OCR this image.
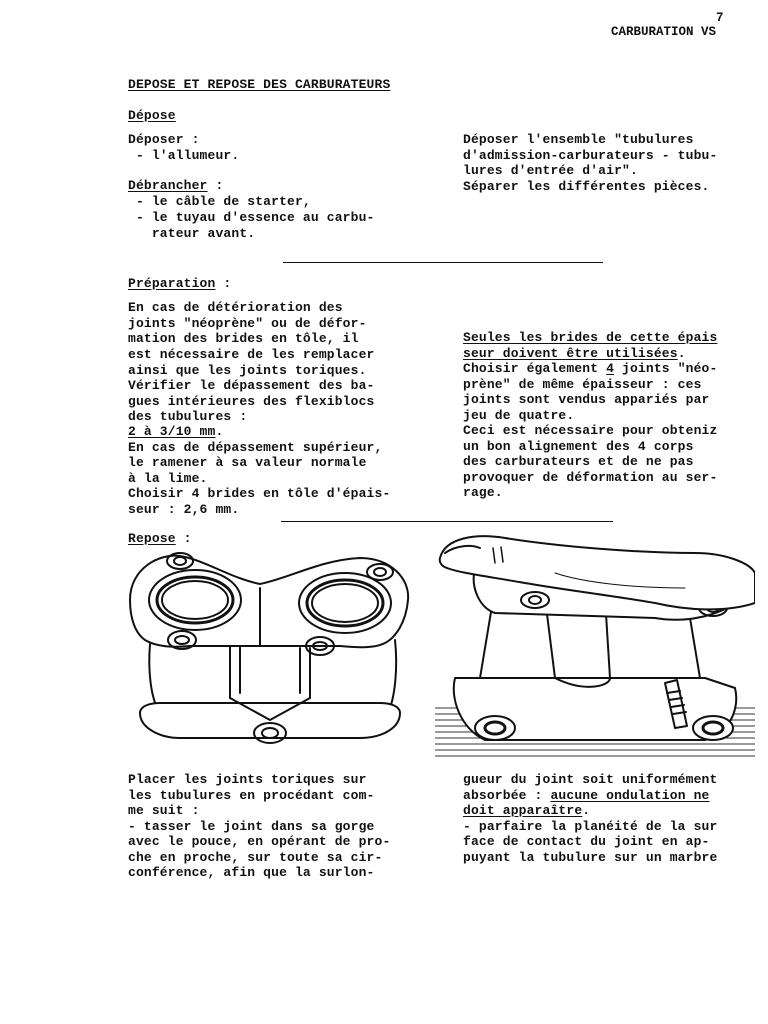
7
CARBURATION VS
DEPOSE ET REPOSE DES CARBURATEURS
Dépose
Déposer :
- l'allumeur.
Débrancher :
- le câble de starter,
- le tuyau d'essence au carbu-
rateur avant.
Déposer l'ensemble "tubulures
d'admission-carburateurs - tubu-
lures d'entrée d'air".
Séparer les différentes pièces.
Préparation :
En cas de détérioration des
joints "néoprène" ou de défor-
mation des brides en tôle, il
est nécessaire de les remplacer
ainsi que les joints toriques.
Vérifier le dépassement des ba-
gues intérieures des flexiblocs
des tubulures :
2 à 3/10 mm.
En cas de dépassement supérieur,
le ramener à sa valeur normale
à la lime.
Choisir 4 brides en tôle d'épais-
seur : 2,6 mm.
Seules les brides de cette épais
seur doivent être utilisées.
Choisir également 4 joints "néo-
prène" de même épaisseur : ces
joints sont vendus appariés par
jeu de quatre.
Ceci est nécessaire pour obteniz
un bon alignement des 4 corps
des carburateurs et de ne pas
provoquer de déformation au ser-
rage.
Repose :
Placer les joints toriques sur
les tubulures en procédant com-
me suit :
- tasser le joint dans sa gorge
avec le pouce, en opérant de pro-
che en proche, sur toute sa cir-
conférence, afin que la surlon-
gueur du joint soit uniformément
absorbée : aucune ondulation ne
doit apparaître.
- parfaire la planéité de la sur
face de contact du joint en ap-
puyant la tubulure sur un marbre
